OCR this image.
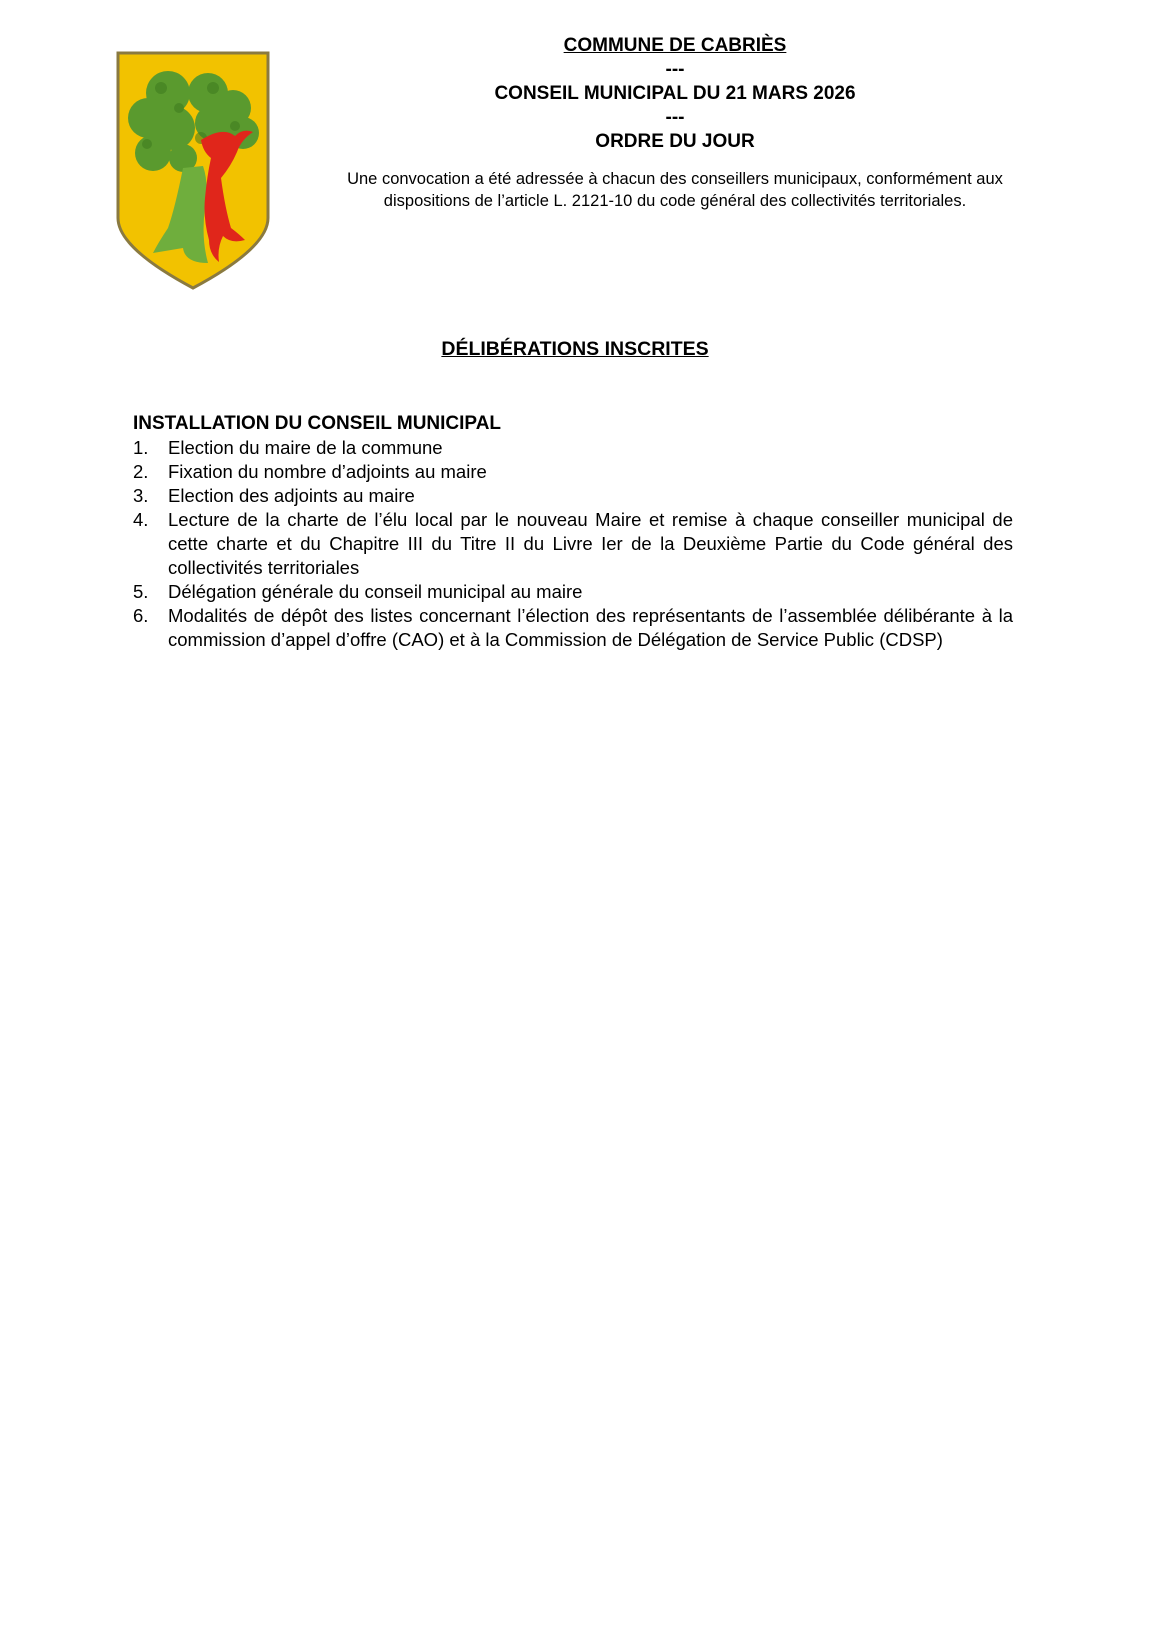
COMMUNE DE CABRIÈS
---
CONSEIL MUNICIPAL DU 21 MARS 2026
---
ORDRE DU JOUR
Une convocation a été adressée à chacun des conseillers municipaux, conformément aux dispositions de l’article L. 2121-10 du code général des collectivités territoriales.
DÉLIBÉRATIONS INSCRITES
INSTALLATION DU CONSEIL MUNICIPAL
1.	Election du maire de la commune
2.	Fixation du nombre d’adjoints au maire
3.	Election des adjoints au maire
4.	Lecture de la charte de l’élu local par le nouveau Maire et remise à chaque conseiller municipal de cette charte et du Chapitre III du Titre II du Livre Ier de la Deuxième Partie du Code général des collectivités territoriales
5.	Délégation générale du conseil municipal au maire
6.	Modalités de dépôt des listes concernant l’élection des représentants de l’assemblée délibérante à la commission d’appel d’offre (CAO) et à la Commission de Délégation de Service Public (CDSP)
